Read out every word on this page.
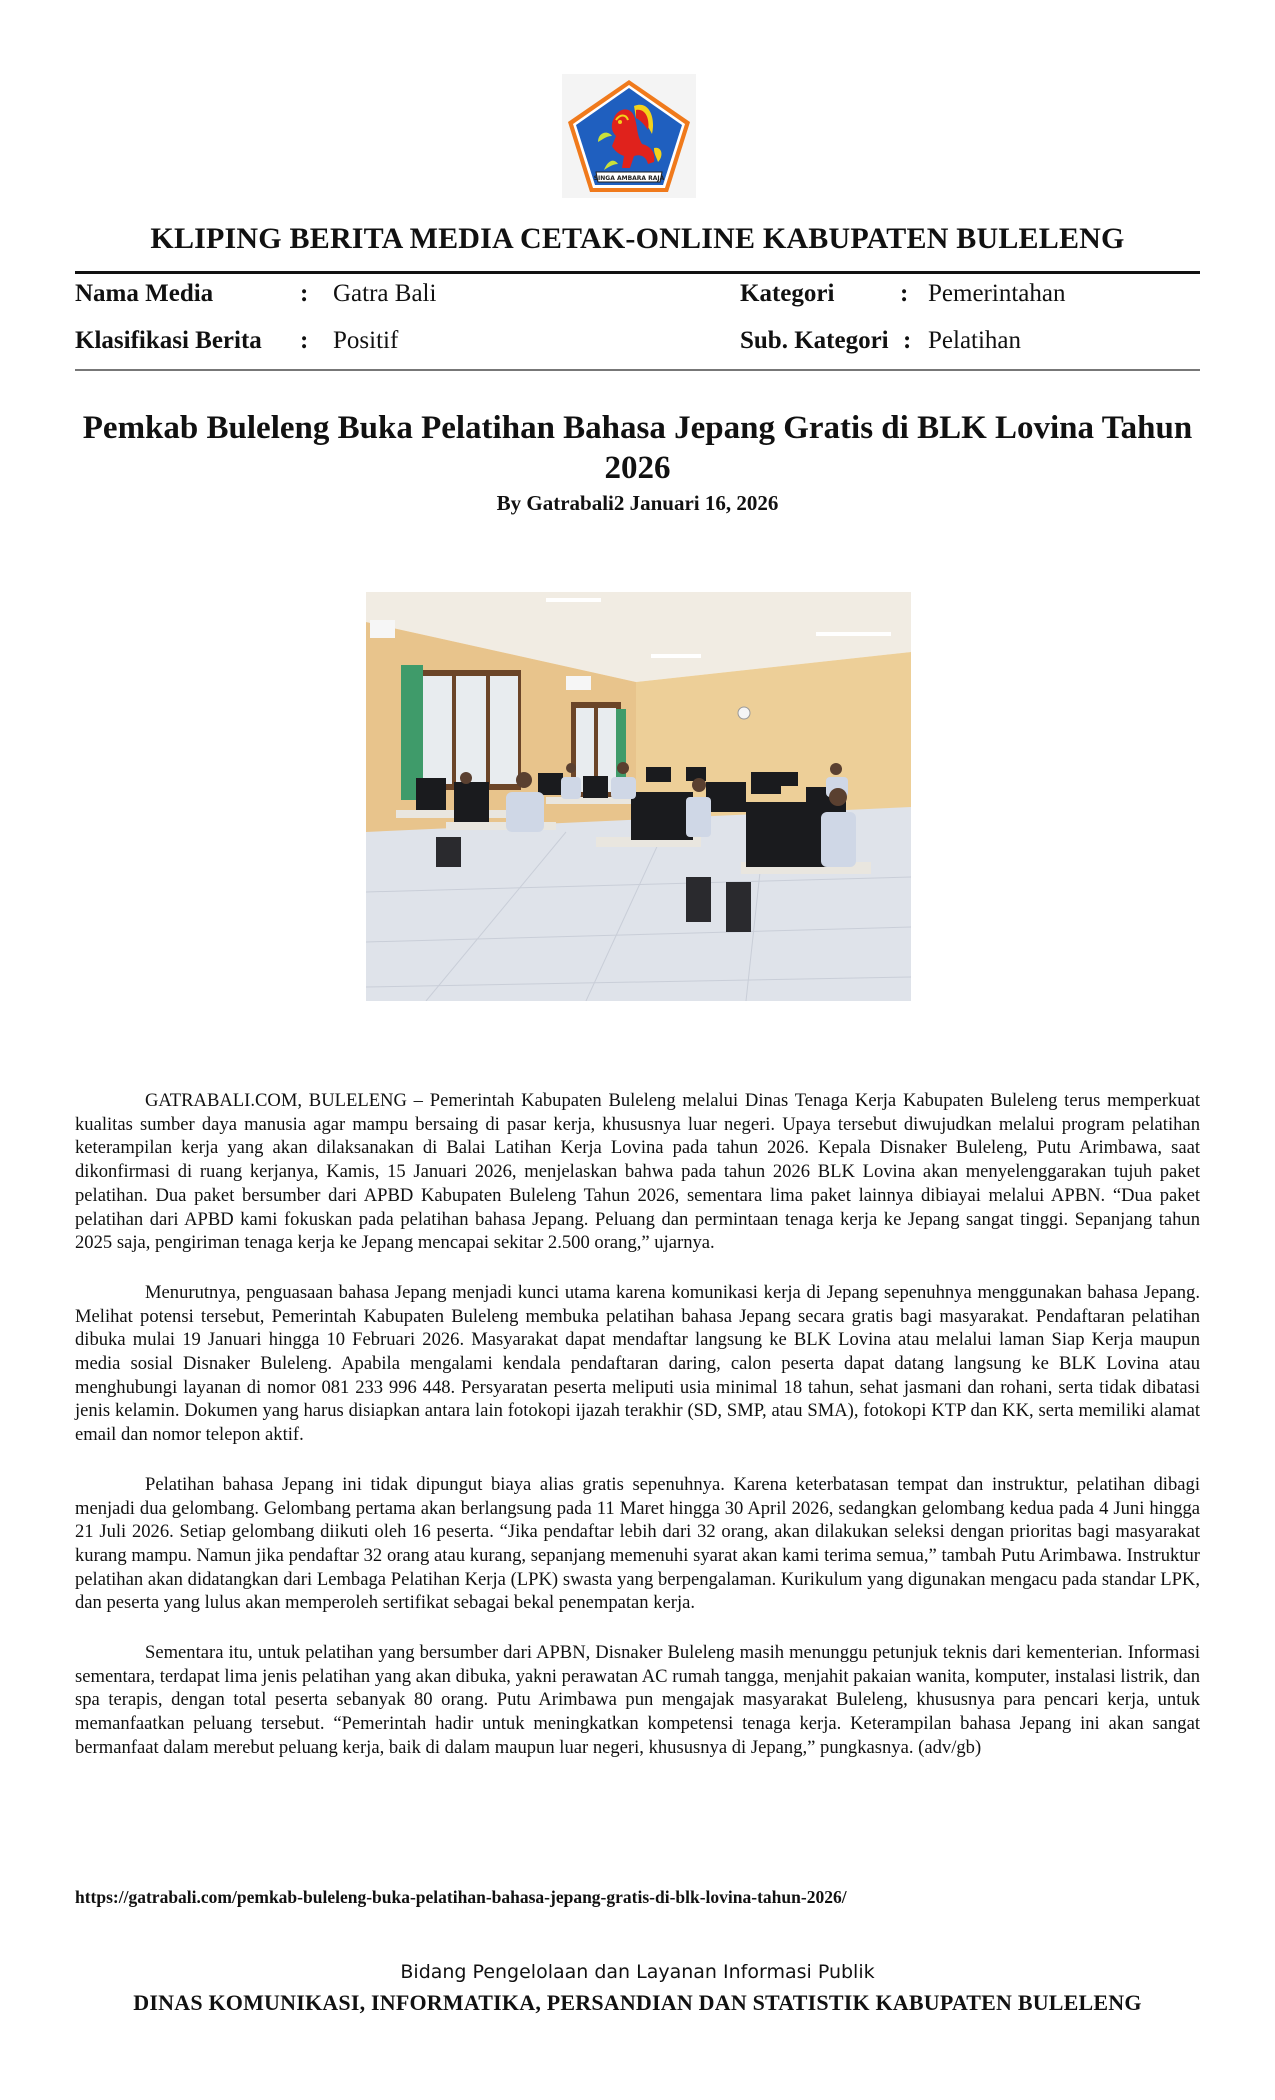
SINGA AMBARA RAJA
KLIPING BERITA MEDIA CETAK-ONLINE KABUPATEN BULELENG
Nama Media	: Gatra Bali
Klasifikasi Berita : Positif
Kategori	: Pemerintahan
Sub. Kategori : Pelatihan
Pemkab Buleleng Buka Pelatihan Bahasa Jepang Gratis di BLK Lovina Tahun 2026
By Gatrabali2 Januari 16, 2026

GATRABALI.COM, BULELENG – Pemerintah Kabupaten Buleleng melalui Dinas Tenaga Kerja Kabupaten Buleleng terus memperkuat kualitas sumber daya manusia agar mampu bersaing di pasar kerja, khususnya luar negeri. Upaya tersebut diwujudkan melalui program pelatihan keterampilan kerja yang akan dilaksanakan di Balai Latihan Kerja Lovina pada tahun 2026. Kepala Disnaker Buleleng, Putu Arimbawa, saat dikonfirmasi di ruang kerjanya, Kamis, 15 Januari 2026, menjelaskan bahwa pada tahun 2026 BLK Lovina akan menyelenggarakan tujuh paket pelatihan. Dua paket bersumber dari APBD Kabupaten Buleleng Tahun 2026, sementara lima paket lainnya dibiayai melalui APBN. “Dua paket pelatihan dari APBD kami fokuskan pada pelatihan bahasa Jepang. Peluang dan permintaan tenaga kerja ke Jepang sangat tinggi. Sepanjang tahun 2025 saja, pengiriman tenaga kerja ke Jepang mencapai sekitar 2.500 orang,” ujarnya.

Menurutnya, penguasaan bahasa Jepang menjadi kunci utama karena komunikasi kerja di Jepang sepenuhnya menggunakan bahasa Jepang. Melihat potensi tersebut, Pemerintah Kabupaten Buleleng membuka pelatihan bahasa Jepang secara gratis bagi masyarakat. Pendaftaran pelatihan dibuka mulai 19 Januari hingga 10 Februari 2026. Masyarakat dapat mendaftar langsung ke BLK Lovina atau melalui laman Siap Kerja maupun media sosial Disnaker Buleleng. Apabila mengalami kendala pendaftaran daring, calon peserta dapat datang langsung ke BLK Lovina atau menghubungi layanan di nomor 081 233 996 448. Persyaratan peserta meliputi usia minimal 18 tahun, sehat jasmani dan rohani, serta tidak dibatasi jenis kelamin. Dokumen yang harus disiapkan antara lain fotokopi ijazah terakhir (SD, SMP, atau SMA), fotokopi KTP dan KK, serta memiliki alamat email dan nomor telepon aktif.

Pelatihan bahasa Jepang ini tidak dipungut biaya alias gratis sepenuhnya. Karena keterbatasan tempat dan instruktur, pelatihan dibagi menjadi dua gelombang. Gelombang pertama akan berlangsung pada 11 Maret hingga 30 April 2026, sedangkan gelombang kedua pada 4 Juni hingga 21 Juli 2026. Setiap gelombang diikuti oleh 16 peserta. “Jika pendaftar lebih dari 32 orang, akan dilakukan seleksi dengan prioritas bagi masyarakat kurang mampu. Namun jika pendaftar 32 orang atau kurang, sepanjang memenuhi syarat akan kami terima semua,” tambah Putu Arimbawa. Instruktur pelatihan akan didatangkan dari Lembaga Pelatihan Kerja (LPK) swasta yang berpengalaman. Kurikulum yang digunakan mengacu pada standar LPK, dan peserta yang lulus akan memperoleh sertifikat sebagai bekal penempatan kerja.

Sementara itu, untuk pelatihan yang bersumber dari APBN, Disnaker Buleleng masih menunggu petunjuk teknis dari kementerian. Informasi sementara, terdapat lima jenis pelatihan yang akan dibuka, yakni perawatan AC rumah tangga, menjahit pakaian wanita, komputer, instalasi listrik, dan spa terapis, dengan total peserta sebanyak 80 orang. Putu Arimbawa pun mengajak masyarakat Buleleng, khususnya para pencari kerja, untuk memanfaatkan peluang tersebut. “Pemerintah hadir untuk meningkatkan kompetensi tenaga kerja. Keterampilan bahasa Jepang ini akan sangat bermanfaat dalam merebut peluang kerja, baik di dalam maupun luar negeri, khususnya di Jepang,” pungkasnya. (adv/gb)

https://gatrabali.com/pemkab-buleleng-buka-pelatihan-bahasa-jepang-gratis-di-blk-lovina-tahun-2026/
Bidang Pengelolaan dan Layanan Informasi Publik
DINAS KOMUNIKASI, INFORMATIKA, PERSANDIAN DAN STATISTIK KABUPATEN BULELENG
